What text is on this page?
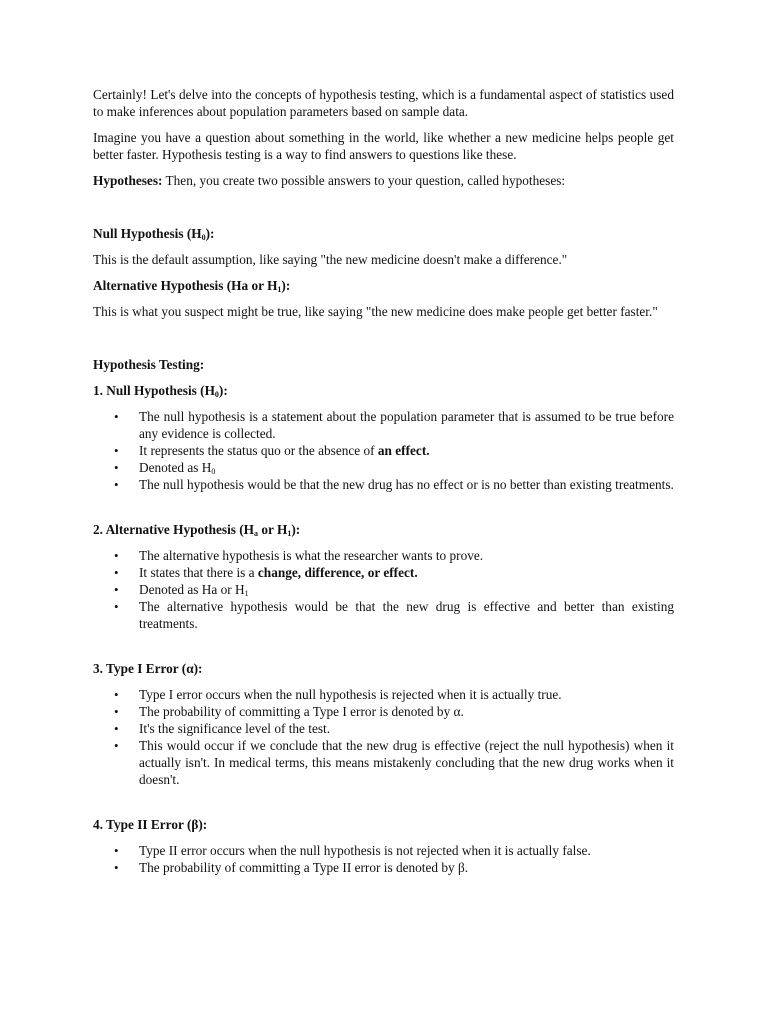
Certainly! Let's delve into the concepts of hypothesis testing, which is a fundamental aspect of statistics used to make inferences about population parameters based on sample data.

Imagine you have a question about something in the world, like whether a new medicine helps people get better faster. Hypothesis testing is a way to find answers to questions like these.

Hypotheses: Then, you create two possible answers to your question, called hypotheses:

Null Hypothesis (H0):

This is the default assumption, like saying "the new medicine doesn't make a difference."

Alternative Hypothesis (Ha or H1):

This is what you suspect might be true, like saying "the new medicine does make people get better faster."

Hypothesis Testing:

1. Null Hypothesis (H0):

• The null hypothesis is a statement about the population parameter that is assumed to be true before any evidence is collected.
• It represents the status quo or the absence of an effect.
• Denoted as H0
• The null hypothesis would be that the new drug has no effect or is no better than existing treatments.

2. Alternative Hypothesis (Ha or H1):

• The alternative hypothesis is what the researcher wants to prove.
• It states that there is a change, difference, or effect.
• Denoted as Ha or H1
• The alternative hypothesis would be that the new drug is effective and better than existing treatments.

3. Type I Error (α):

• Type I error occurs when the null hypothesis is rejected when it is actually true.
• The probability of committing a Type I error is denoted by α.
• It's the significance level of the test.
• This would occur if we conclude that the new drug is effective (reject the null hypothesis) when it actually isn't. In medical terms, this means mistakenly concluding that the new drug works when it doesn't.

4. Type II Error (β):

• Type II error occurs when the null hypothesis is not rejected when it is actually false.
• The probability of committing a Type II error is denoted by β.
